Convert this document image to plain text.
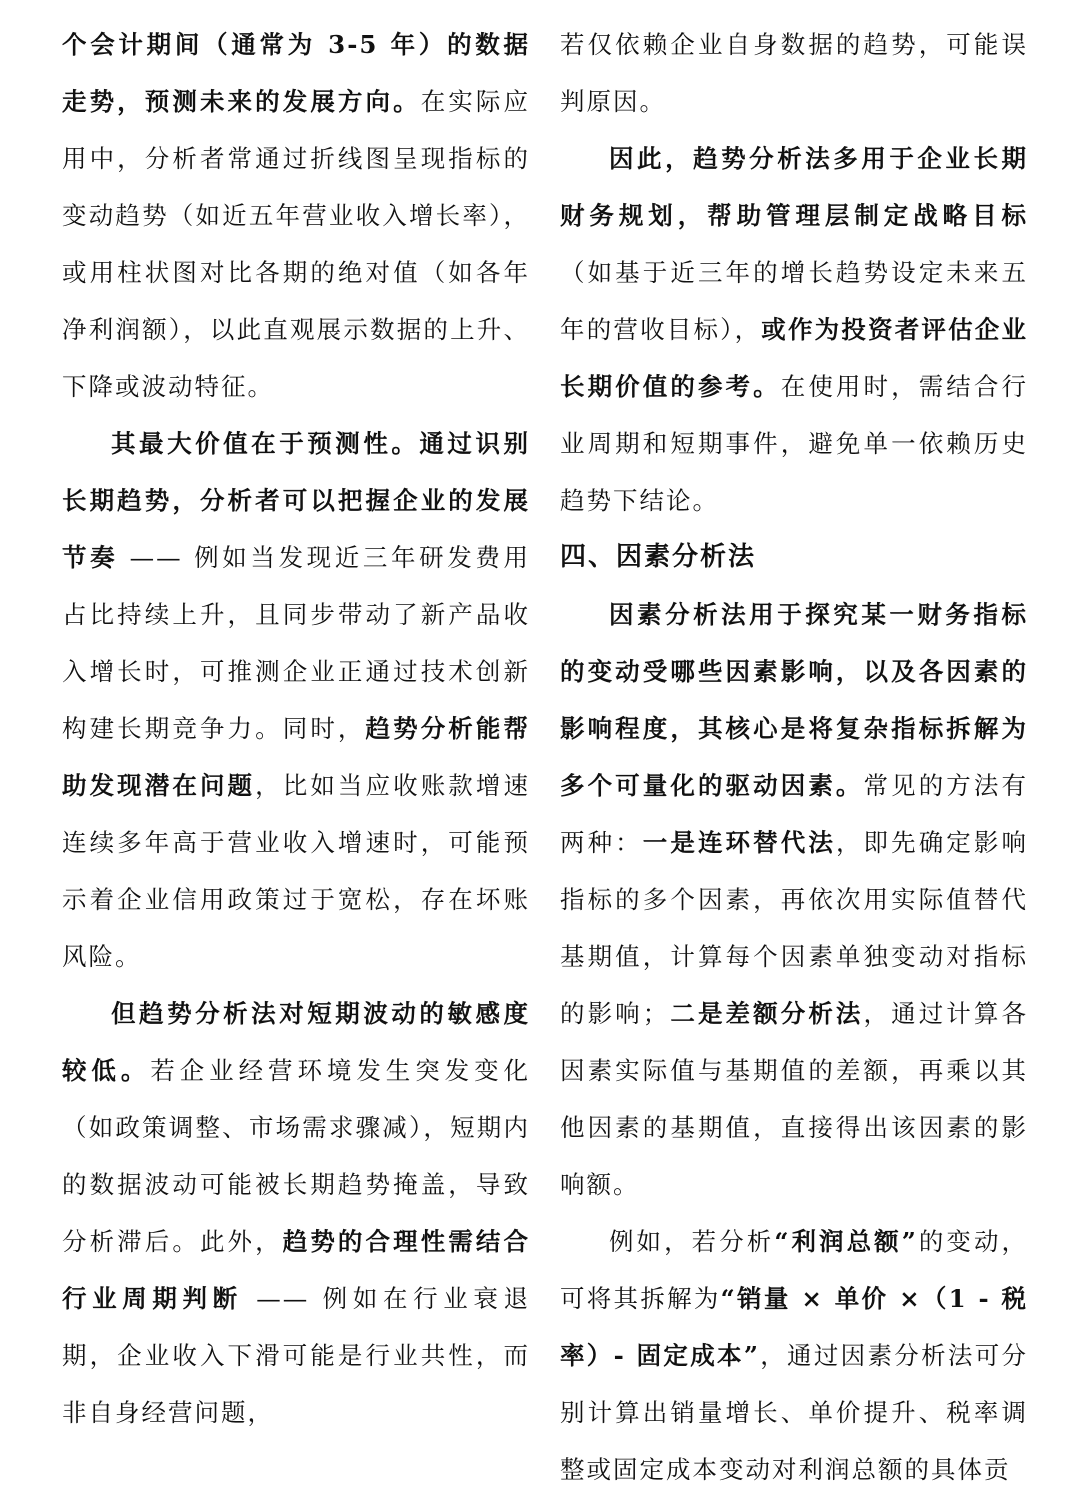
个会计期间（通常为 3-5 年）的数据走势，预测未来的发展方向。在实际应用中，分析者常通过折线图呈现指标的变动趋势（如近五年营业收入增长率），或用柱状图对比各期的绝对值（如各年净利润额），以此直观展示数据的上升、下降或波动特征。

其最大价值在于预测性。通过识别长期趋势，分析者可以把握企业的发展节奏 —— 例如当发现近三年研发费用占比持续上升，且同步带动了新产品收入增长时，可推测企业正通过技术创新构建长期竞争力。同时，趋势分析能帮助发现潜在问题，比如当应收账款增速连续多年高于营业收入增速时，可能预示着企业信用政策过于宽松，存在坏账风险。

但趋势分析法对短期波动的敏感度较低。若企业经营环境发生突发变化（如政策调整、市场需求骤减），短期内的数据波动可能被长期趋势掩盖，导致分析滞后。此外，趋势的合理性需结合行业周期判断 —— 例如在行业衰退期，企业收入下滑可能是行业共性，而非自身经营问题，

若仅依赖企业自身数据的趋势，可能误判原因。

因此，趋势分析法多用于企业长期财务规划，帮助管理层制定战略目标（如基于近三年的增长趋势设定未来五年的营收目标），或作为投资者评估企业长期价值的参考。在使用时，需结合行业周期和短期事件，避免单一依赖历史趋势下结论。

四、因素分析法

因素分析法用于探究某一财务指标的变动受哪些因素影响，以及各因素的影响程度，其核心是将复杂指标拆解为多个可量化的驱动因素。常见的方法有两种：一是连环替代法，即先确定影响指标的多个因素，再依次用实际值替代基期值，计算每个因素单独变动对指标的影响；二是差额分析法，通过计算各因素实际值与基期值的差额，再乘以其他因素的基期值，直接得出该因素的影响额。

例如，若分析“利润总额”的变动，可将其拆解为“销量 × 单价 ×（1 - 税率）- 固定成本”，通过因素分析法可分别计算出销量增长、单价提升、税率调整或固定成本变动对利润总额的具体贡
